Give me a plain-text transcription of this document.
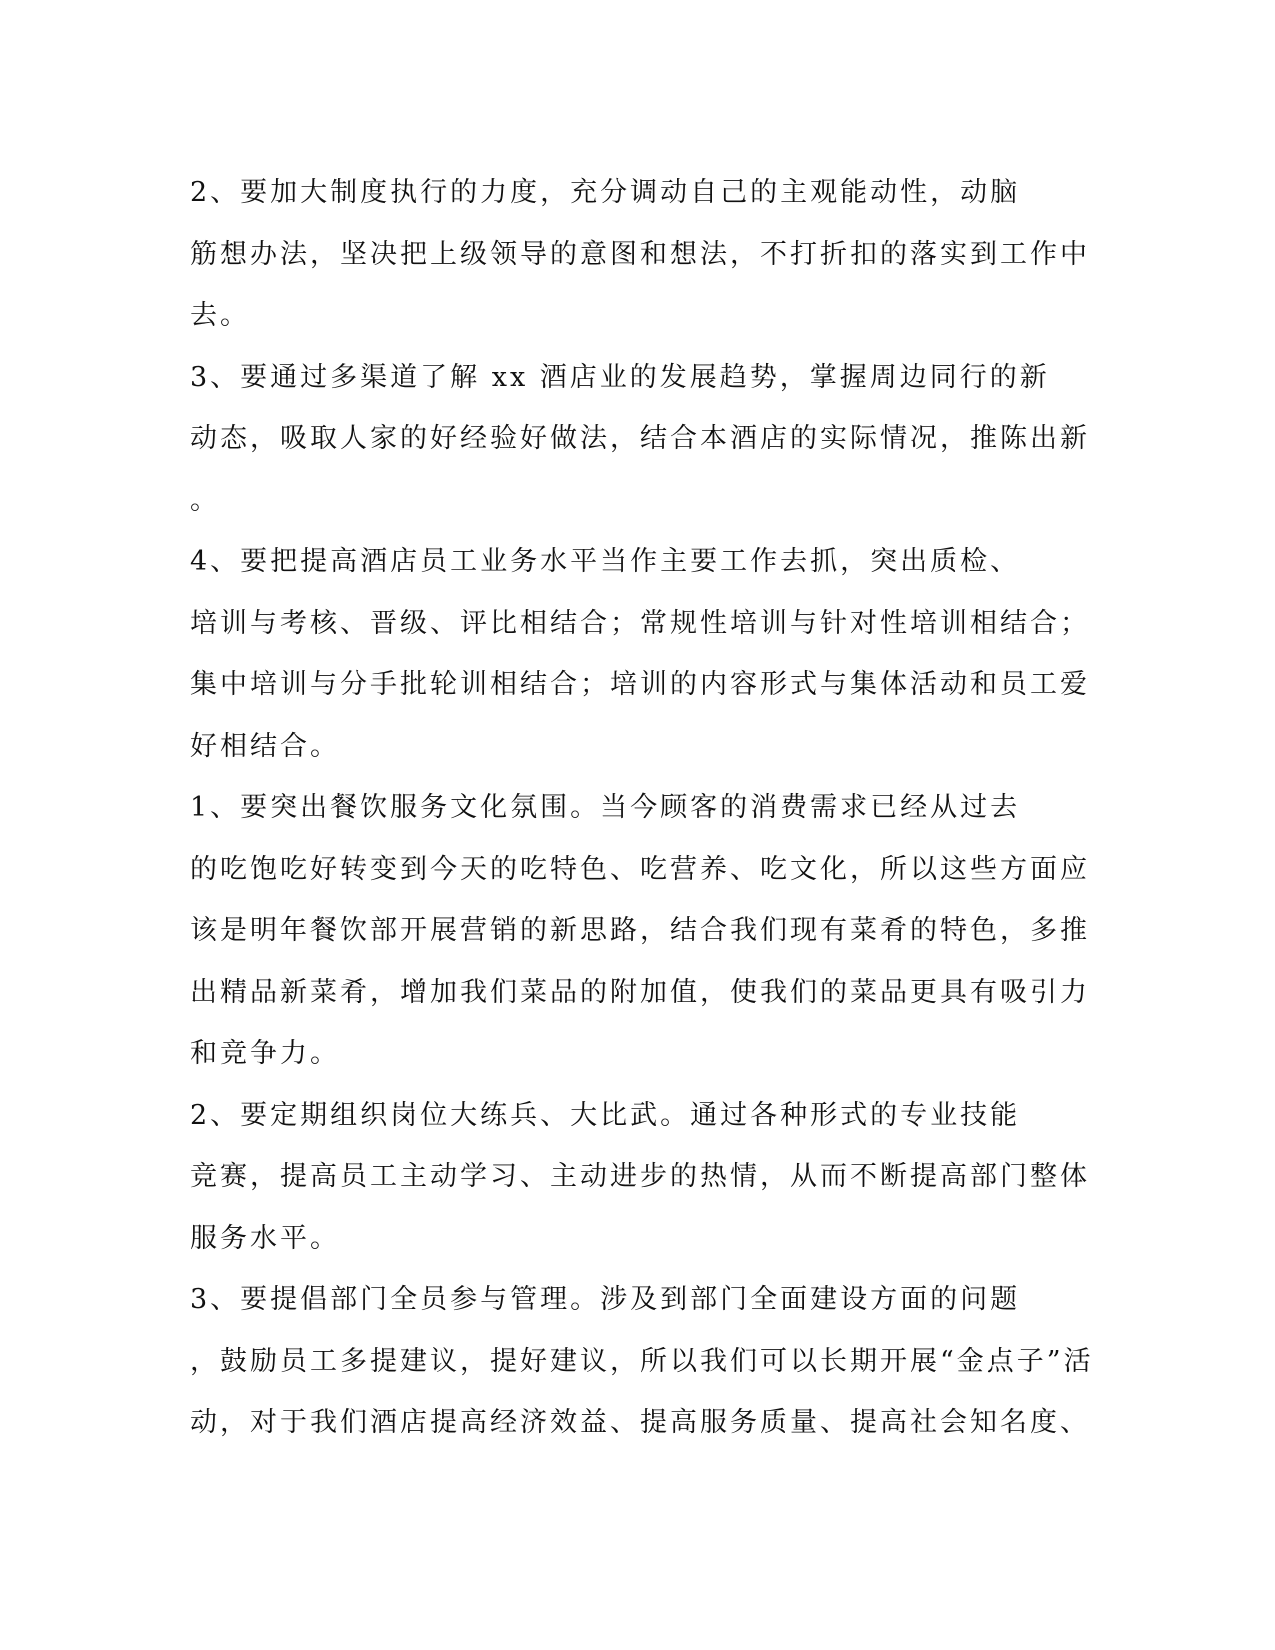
2、要加大制度执行的力度，充分调动自己的主观能动性，动脑
筋想办法，坚决把上级领导的意图和想法，不打折扣的落实到工作中
去。

3、要通过多渠道了解 xx 酒店业的发展趋势，掌握周边同行的新
动态，吸取人家的好经验好做法，结合本酒店的实际情况，推陈出新
。

4、要把提高酒店员工业务水平当作主要工作去抓，突出质检、
培训与考核、晋级、评比相结合；常规性培训与针对性培训相结合；
集中培训与分手批轮训相结合；培训的内容形式与集体活动和员工爱
好相结合。

1、要突出餐饮服务文化氛围。当今顾客的消费需求已经从过去
的吃饱吃好转变到今天的吃特色、吃营养、吃文化，所以这些方面应
该是明年餐饮部开展营销的新思路，结合我们现有菜肴的特色，多推
出精品新菜肴，增加我们菜品的附加值，使我们的菜品更具有吸引力
和竞争力。

2、要定期组织岗位大练兵、大比武。通过各种形式的专业技能
竞赛，提高员工主动学习、主动进步的热情，从而不断提高部门整体
服务水平。

3、要提倡部门全员参与管理。涉及到部门全面建设方面的问题
，鼓励员工多提建议，提好建议，所以我们可以长期开展“金点子”活
动，对于我们酒店提高经济效益、提高服务质量、提高社会知名度、
